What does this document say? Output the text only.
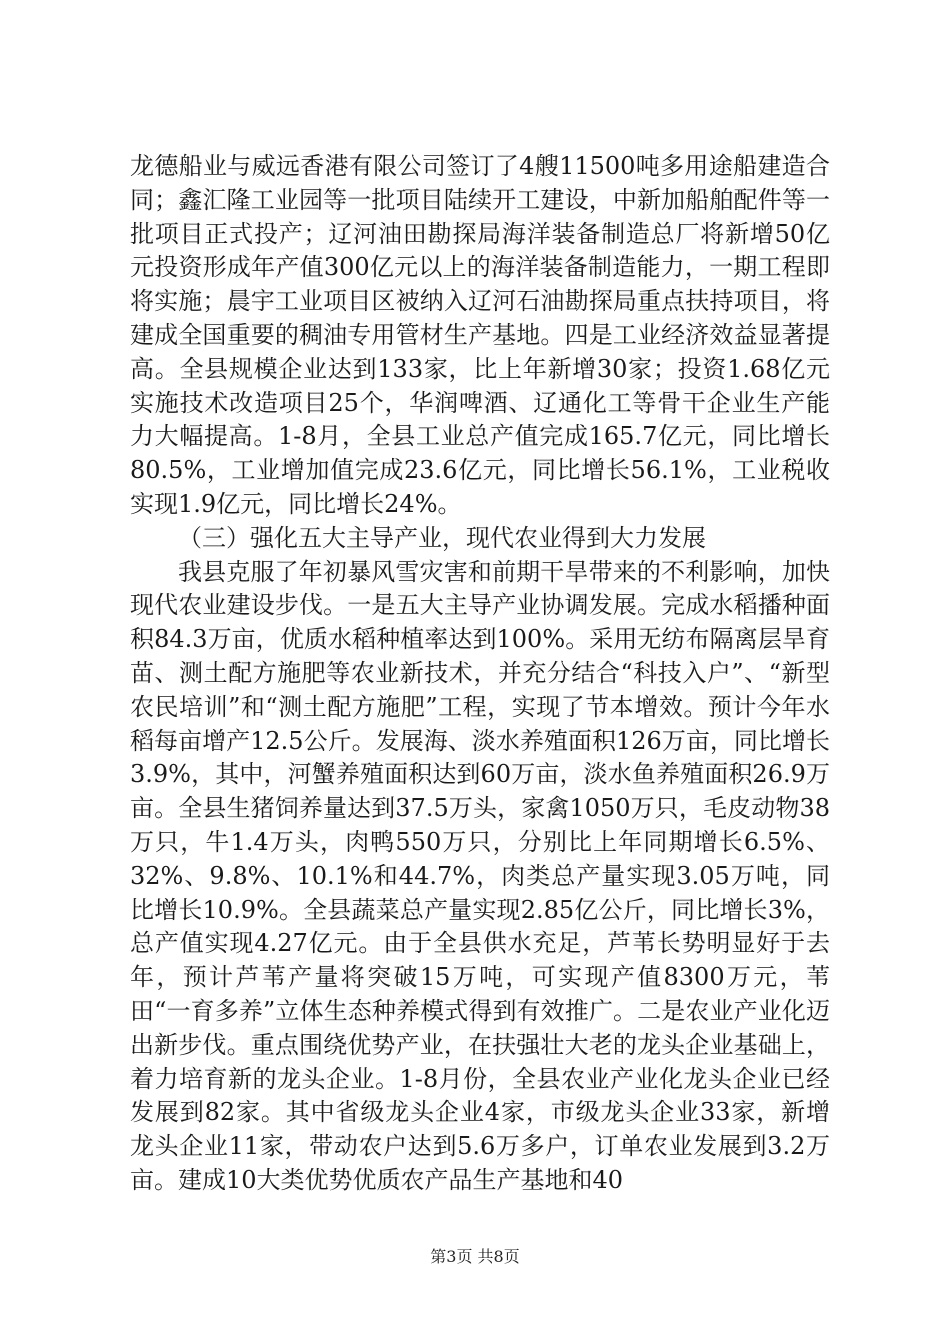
龙德船业与威远香港有限公司签订了4艘11500吨多用途船建造合同；鑫汇隆工业园等一批项目陆续开工建设，中新加船舶配件等一批项目正式投产；辽河油田勘探局海洋装备制造总厂将新增50亿元投资形成年产值300亿元以上的海洋装备制造能力，一期工程即将实施；晨宇工业项目区被纳入辽河石油勘探局重点扶持项目，将建成全国重要的稠油专用管材生产基地。四是工业经济效益显著提高。全县规模企业达到133家，比上年新增30家；投资1.68亿元实施技术改造项目25个，华润啤酒、辽通化工等骨干企业生产能力大幅提高。1-8月，全县工业总产值完成165.7亿元，同比增长80.5%，工业增加值完成23.6亿元，同比增长56.1%，工业税收实现1.9亿元，同比增长24%。

（三）强化五大主导产业，现代农业得到大力发展

我县克服了年初暴风雪灾害和前期干旱带来的不利影响，加快现代农业建设步伐。一是五大主导产业协调发展。完成水稻播种面积84.3万亩，优质水稻种植率达到100%。采用无纺布隔离层旱育苗、测土配方施肥等农业新技术，并充分结合“科技入户”、“新型农民培训”和“测土配方施肥”工程，实现了节本增效。预计今年水稻每亩增产12.5公斤。发展海、淡水养殖面积126万亩，同比增长3.9%，其中，河蟹养殖面积达到60万亩，淡水鱼养殖面积26.9万亩。全县生猪饲养量达到37.5万头，家禽1050万只，毛皮动物38万只，牛1.4万头，肉鸭550万只，分别比上年同期增长6.5%、32%、9.8%、10.1%和44.7%，肉类总产量实现3.05万吨，同比增长10.9%。全县蔬菜总产量实现2.85亿公斤，同比增长3%，总产值实现4.27亿元。由于全县供水充足，芦苇长势明显好于去年，预计芦苇产量将突破15万吨，可实现产值8300万元，苇田“一育多养”立体生态种养模式得到有效推广。二是农业产业化迈出新步伐。重点围绕优势产业，在扶强壮大老的龙头企业基础上，着力培育新的龙头企业。1-8月份，全县农业产业化龙头企业已经发展到82家。其中省级龙头企业4家，市级龙头企业33家，新增龙头企业11家，带动农户达到5.6万多户，订单农业发展到3.2万亩。建成10大类优势优质农产品生产基地和40

第3页 共8页
